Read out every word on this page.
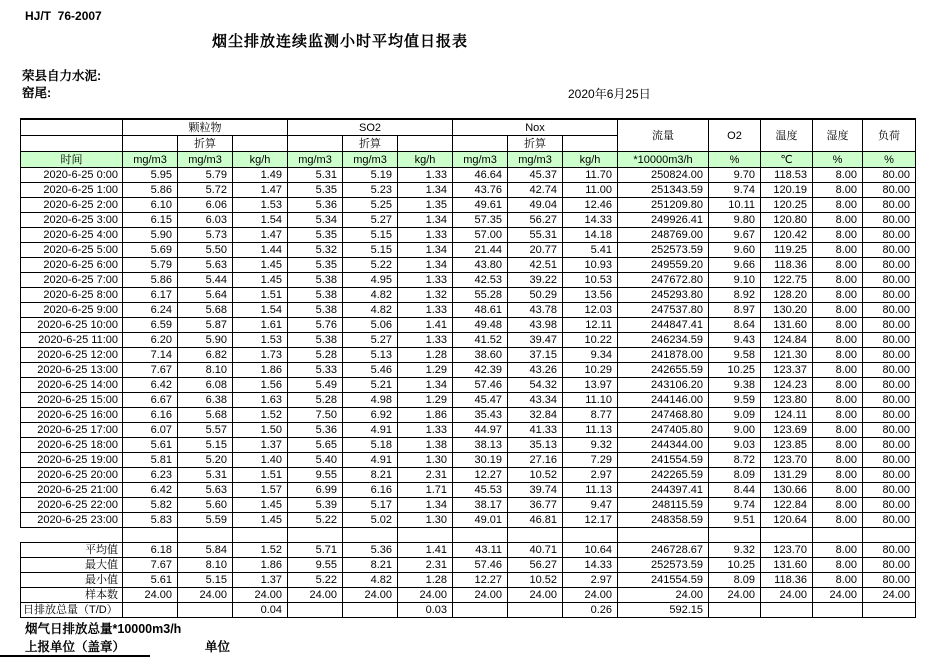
HJ/T  76-2007
烟尘排放连续监测小时平均值日报表
荣县自力水泥:
窑尾:	2020年6月25日
	颗粒物			SO2			Nox			流量	O2	温度	湿度	负荷
		折算			折算			折算						
时间	mg/m3	mg/m3	kg/h	mg/m3	mg/m3	kg/h	mg/m3	mg/m3	kg/h	*10000m3/h	%	℃	%	%
2020-6-25 0:00	5.95	5.79	1.49	5.31	5.19	1.33	46.64	45.37	11.70	250824.00	9.70	118.53	8.00	80.00
2020-6-25 1:00	5.86	5.72	1.47	5.35	5.23	1.34	43.76	42.74	11.00	251343.59	9.74	120.19	8.00	80.00
2020-6-25 2:00	6.10	6.06	1.53	5.36	5.25	1.35	49.61	49.04	12.46	251209.80	10.11	120.25	8.00	80.00
2020-6-25 3:00	6.15	6.03	1.54	5.34	5.27	1.34	57.35	56.27	14.33	249926.41	9.80	120.80	8.00	80.00
2020-6-25 4:00	5.90	5.73	1.47	5.35	5.15	1.33	57.00	55.31	14.18	248769.00	9.67	120.42	8.00	80.00
2020-6-25 5:00	5.69	5.50	1.44	5.32	5.15	1.34	21.44	20.77	5.41	252573.59	9.60	119.25	8.00	80.00
2020-6-25 6:00	5.79	5.63	1.45	5.35	5.22	1.34	43.80	42.51	10.93	249559.20	9.66	118.36	8.00	80.00
2020-6-25 7:00	5.86	5.44	1.45	5.38	4.95	1.33	42.53	39.22	10.53	247672.80	9.10	122.75	8.00	80.00
2020-6-25 8:00	6.17	5.64	1.51	5.38	4.82	1.32	55.28	50.29	13.56	245293.80	8.92	128.20	8.00	80.00
2020-6-25 9:00	6.24	5.68	1.54	5.38	4.82	1.33	48.61	43.78	12.03	247537.80	8.97	130.20	8.00	80.00
2020-6-25 10:00	6.59	5.87	1.61	5.76	5.06	1.41	49.48	43.98	12.11	244847.41	8.64	131.60	8.00	80.00
2020-6-25 11:00	6.20	5.90	1.53	5.38	5.27	1.33	41.52	39.47	10.22	246234.59	9.43	124.84	8.00	80.00
2020-6-25 12:00	7.14	6.82	1.73	5.28	5.13	1.28	38.60	37.15	9.34	241878.00	9.58	121.30	8.00	80.00
2020-6-25 13:00	7.67	8.10	1.86	5.33	5.46	1.29	42.39	43.26	10.29	242655.59	10.25	123.37	8.00	80.00
2020-6-25 14:00	6.42	6.08	1.56	5.49	5.21	1.34	57.46	54.32	13.97	243106.20	9.38	124.23	8.00	80.00
2020-6-25 15:00	6.67	6.38	1.63	5.28	4.98	1.29	45.47	43.34	11.10	244146.00	9.59	123.80	8.00	80.00
2020-6-25 16:00	6.16	5.68	1.52	7.50	6.92	1.86	35.43	32.84	8.77	247468.80	9.09	124.11	8.00	80.00
2020-6-25 17:00	6.07	5.57	1.50	5.36	4.91	1.33	44.97	41.33	11.13	247405.80	9.00	123.69	8.00	80.00
2020-6-25 18:00	5.61	5.15	1.37	5.65	5.18	1.38	38.13	35.13	9.32	244344.00	9.03	123.85	8.00	80.00
2020-6-25 19:00	5.81	5.20	1.40	5.40	4.91	1.30	30.19	27.16	7.29	241554.59	8.72	123.70	8.00	80.00
2020-6-25 20:00	6.23	5.31	1.51	9.55	8.21	2.31	12.27	10.52	2.97	242265.59	8.09	131.29	8.00	80.00
2020-6-25 21:00	6.42	5.63	1.57	6.99	6.16	1.71	45.53	39.74	11.13	244397.41	8.44	130.66	8.00	80.00
2020-6-25 22:00	5.82	5.60	1.45	5.39	5.17	1.34	38.17	36.77	9.47	248115.59	9.74	122.84	8.00	80.00
2020-6-25 23:00	5.83	5.59	1.45	5.22	5.02	1.30	49.01	46.81	12.17	248358.59	9.51	120.64	8.00	80.00

平均值	6.18	5.84	1.52	5.71	5.36	1.41	43.11	40.71	10.64	246728.67	9.32	123.70	8.00	80.00
最大值	7.67	8.10	1.86	9.55	8.21	2.31	57.46	56.27	14.33	252573.59	10.25	131.60	8.00	80.00
最小值	5.61	5.15	1.37	5.22	4.82	1.28	12.27	10.52	2.97	241554.59	8.09	118.36	8.00	80.00
样本数	24.00	24.00	24.00	24.00	24.00	24.00	24.00	24.00	24.00	24.00	24.00	24.00	24.00	24.00
日排放总量（T/D）			0.04			0.03			0.26	592.15				
烟气日排放总量*10000m3/h
上报单位（盖章）	单位
